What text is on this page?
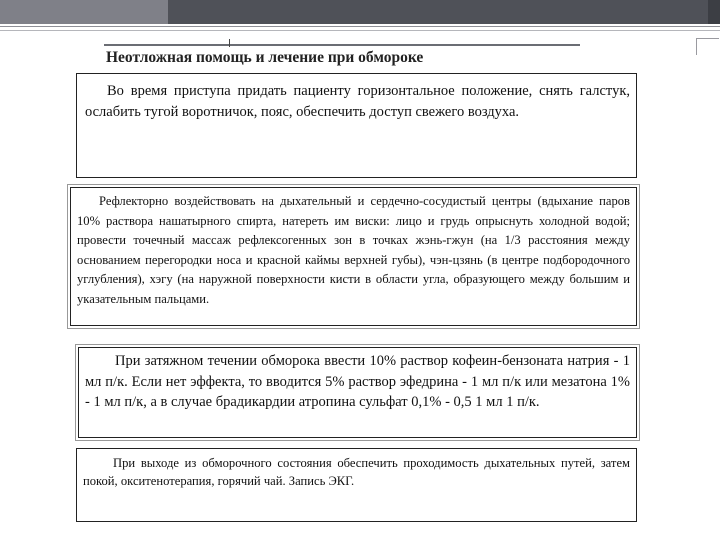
Неотложная помощь и лечение при обмороке

Во время приступа придать пациенту горизонтальное положение, снять галстук, ослабить тугой воротничок, пояс, обеспечить доступ свежего воздуха.

Рефлекторно воздействовать на дыхательный и сердечно-сосудистый центры (вдыхание паров 10% раствора нашатырного спирта, натереть им виски: лицо и грудь опрыснуть холодной водой; провести точечный массаж рефлексогенных зон в точках жэнь-гжун (на 1/3 расстояния между основанием перегородки носа и красной каймы верхней губы), чэн-цзянь (в центре подбородочного углубления), хэгу (на наружной поверхности кисти в области угла, образующего между большим и указательным пальцами.

При затяжном течении обморока ввести 10% раствор кофеин-бензоната натрия - 1 мл п/к. Если нет эффекта, то вводится 5% раствор эфедрина - 1 мл п/к или мезатона 1% - 1 мл п/к, а в случае брадикардии атропина сульфат 0,1% - 0,5 1 мл 1 п/к.

При выходе из обморочного состояния обеспечить проходимость дыхательных путей, затем покой, окситенотерапия, горячий чай. Запись ЭКГ.
